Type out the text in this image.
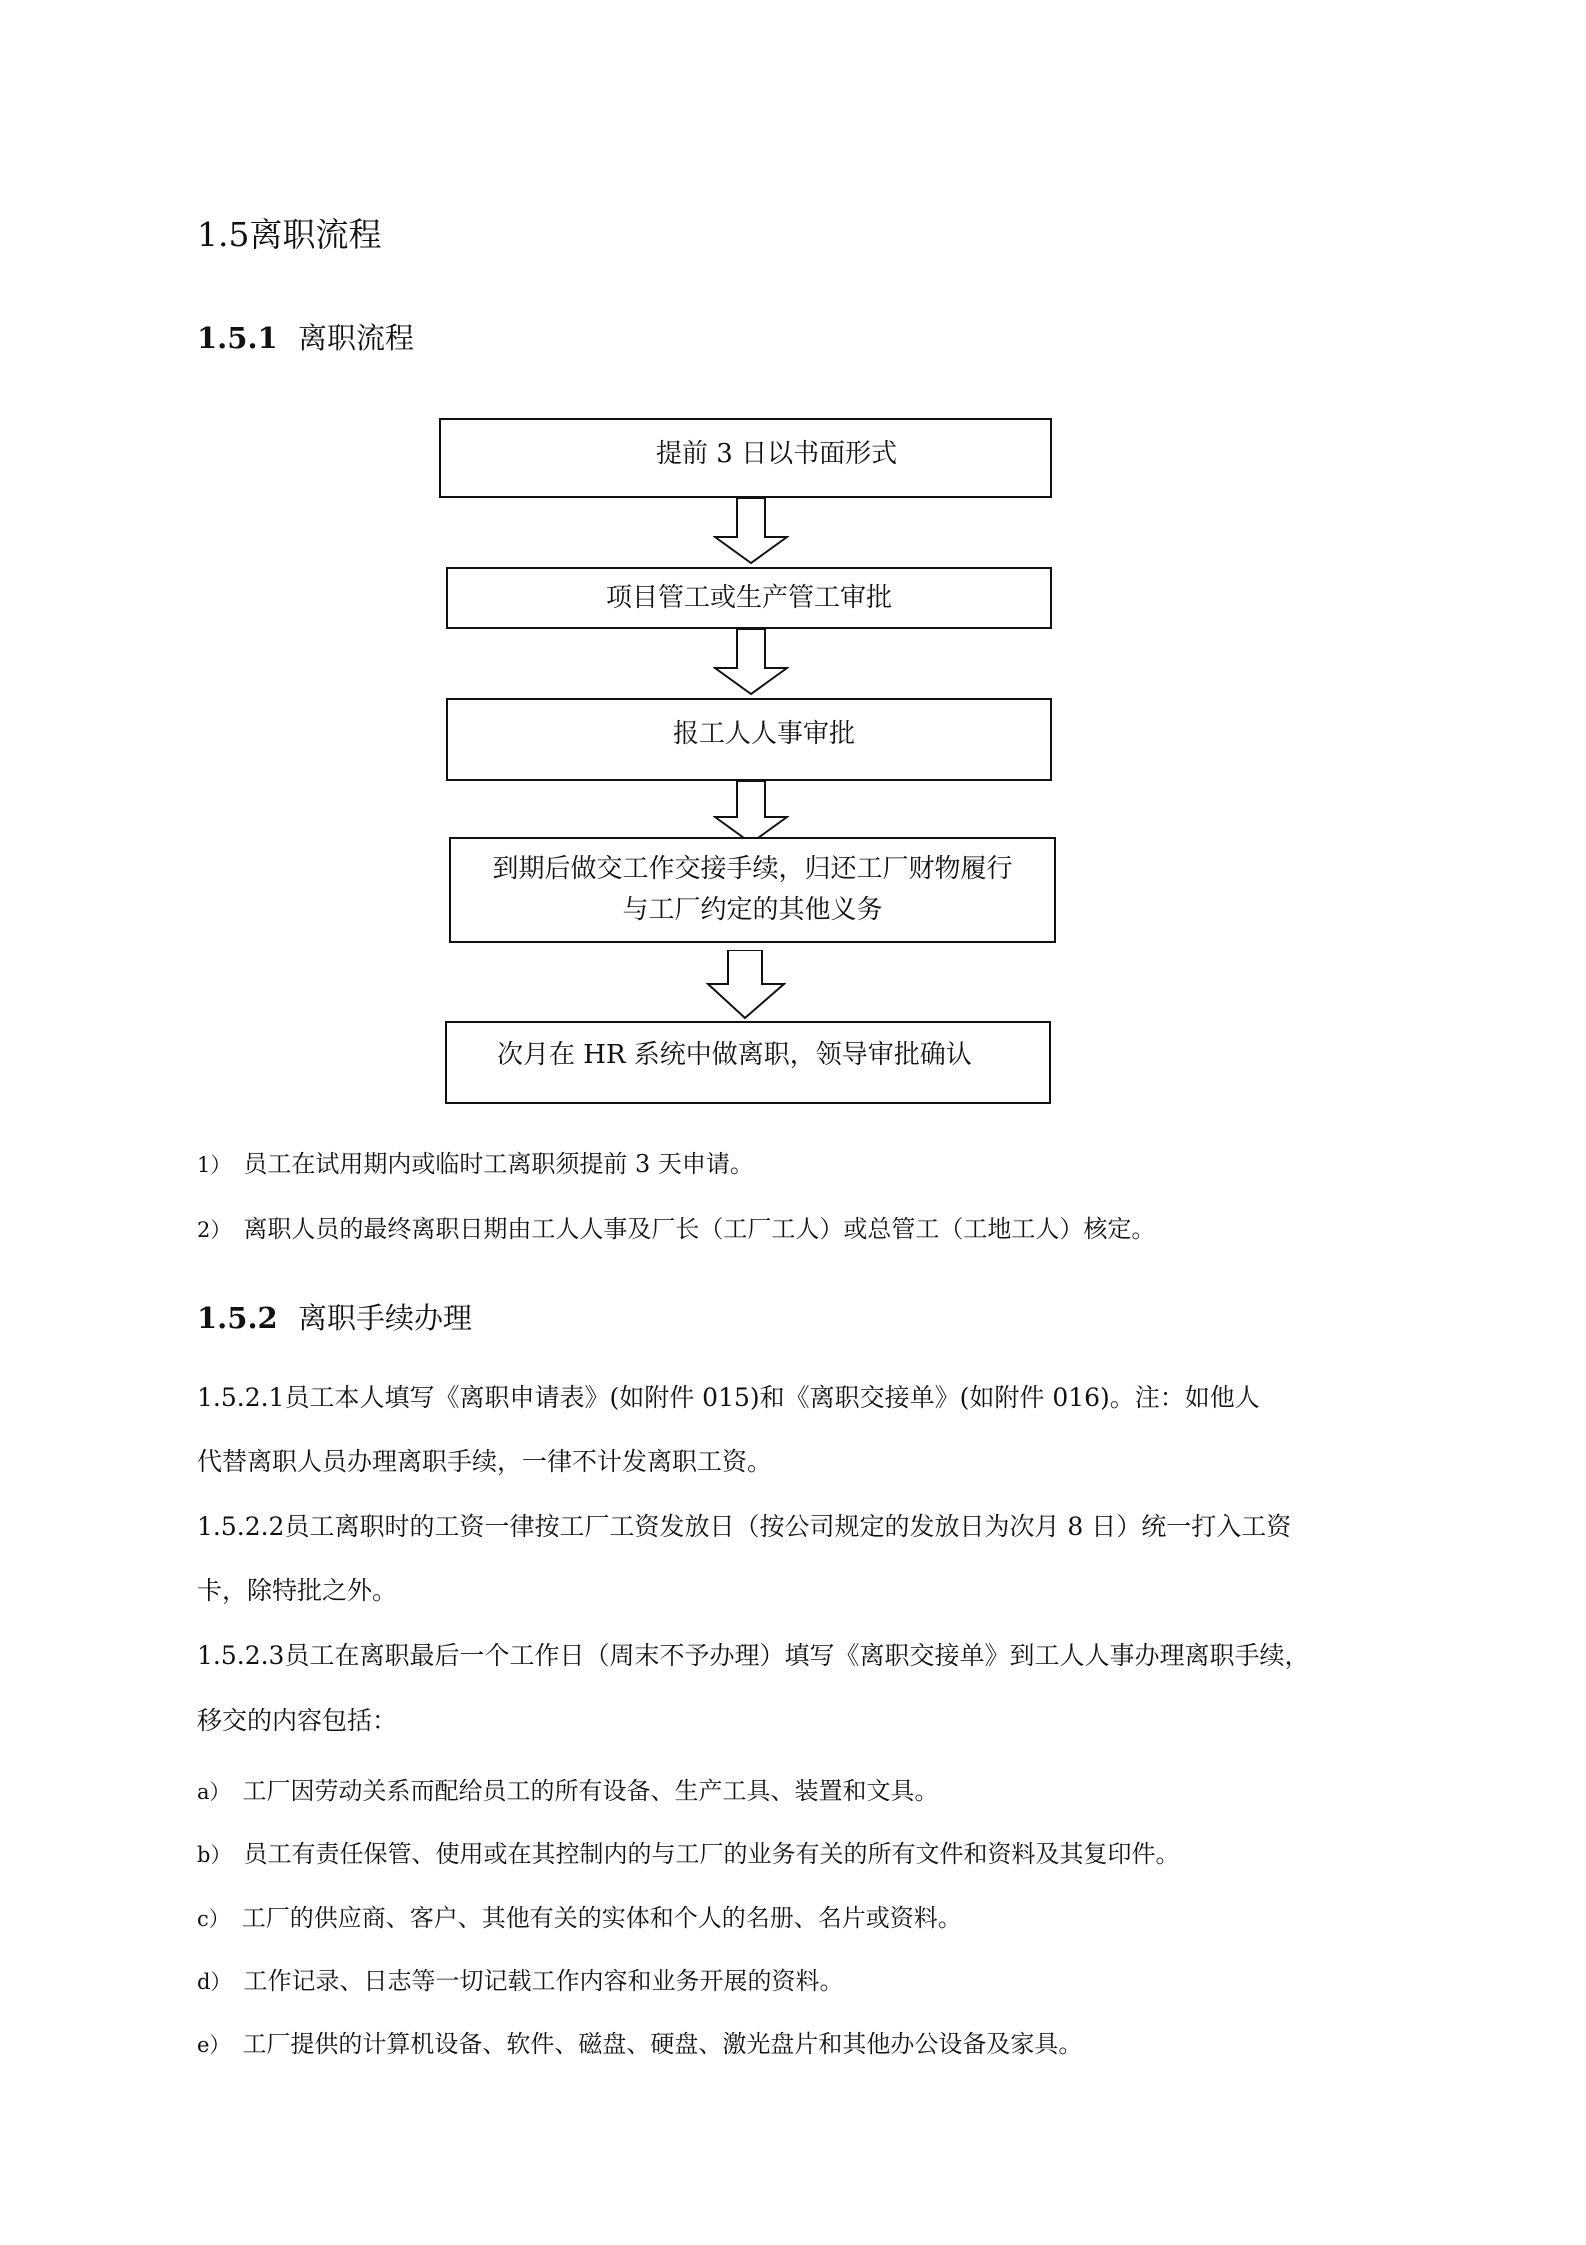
1.5离职流程
1.5.1 离职流程
提前 3 日以书面形式
项目管工或生产管工审批
报工人人事审批
到期后做交工作交接手续，归还工厂财物履行
与工厂约定的其他义务
次月在 HR 系统中做离职，领导审批确认
1） 员工在试用期内或临时工离职须提前 3 天申请。
2） 离职人员的最终离职日期由工人人事及厂长（工厂工人）或总管工（工地工人）核定。
1.5.2 离职手续办理
1.5.2.1员工本人填写《离职申请表》(如附件 015)和《离职交接单》(如附件 016)。注：如他人
代替离职人员办理离职手续，一律不计发离职工资。
1.5.2.2员工离职时的工资一律按工厂工资发放日（按公司规定的发放日为次月 8 日）统一打入工资
卡，除特批之外。
1.5.2.3员工在离职最后一个工作日（周末不予办理）填写《离职交接单》到工人人事办理离职手续，
移交的内容包括：
a） 工厂因劳动关系而配给员工的所有设备、生产工具、装置和文具。
b） 员工有责任保管、使用或在其控制内的与工厂的业务有关的所有文件和资料及其复印件。
c） 工厂的供应商、客户、其他有关的实体和个人的名册、名片或资料。
d） 工作记录、日志等一切记载工作内容和业务开展的资料。
e） 工厂提供的计算机设备、软件、磁盘、硬盘、激光盘片和其他办公设备及家具。
